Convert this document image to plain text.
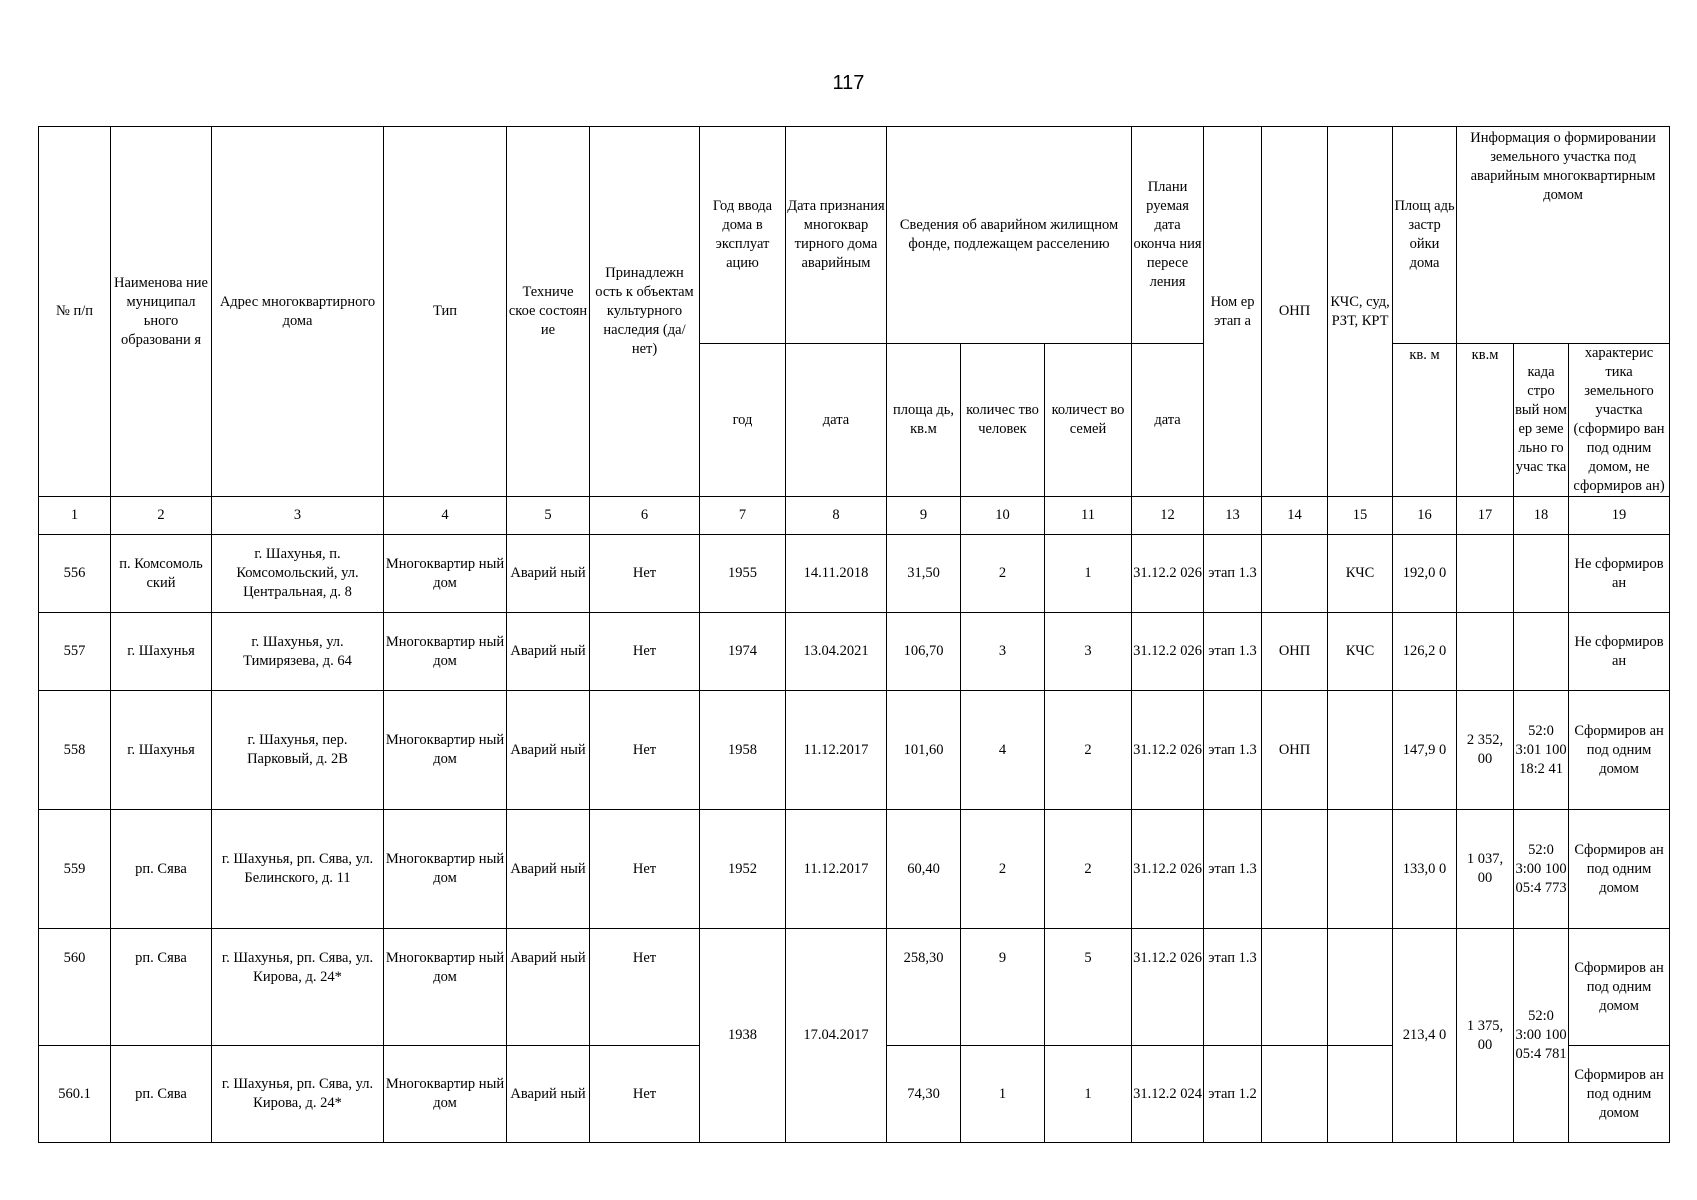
117
№ п/п	Наименова ние муниципал ьного образовани я	Адрес многоквартирного дома	Тип	Техниче ское состоян ие	Принадлежн ость к объектам культурного наследия (да/нет)	Год ввода дома в эксплуат ацию	Дата признания многоквар тирного дома аварийным	Сведения об аварийном жилищном фонде, подлежащем расселению			Плани руемая дата оконча ния пересе ления	Ном ер этап а	ОНП	КЧС, суд, РЗТ, КРТ	Площ адь застр ойки дома	Информация о формировании земельного участка под аварийным многоквартирным домом		
						год	дата	площа дь, кв.м	количес тво человек	количест во семей	дата				кв. м	кв.м	када стро вый ном ер земе льно го учас тка	характерис тика земельного участка (сформиро ван под одним домом, не сформиров ан)
1	2	3	4	5	6	7	8	9	10	11	12	13	14	15	16	17	18	19
556	п. Комсомоль ский	г. Шахунья, п. Комсомольский, ул. Центральная, д. 8	Многоквартир ный дом	Аварий ный	Нет	1955	14.11.2018	31,50	2	1	31.12.2 026	этап 1.3		КЧС	192,0 0			Не сформиров ан
557	г. Шахунья	г. Шахунья, ул. Тимирязева, д. 64	Многоквартир ный дом	Аварий ный	Нет	1974	13.04.2021	106,70	3	3	31.12.2 026	этап 1.3	ОНП	КЧС	126,2 0			Не сформиров ан
558	г. Шахунья	г. Шахунья, пер. Парковый, д. 2В	Многоквартир ный дом	Аварий ный	Нет	1958	11.12.2017	101,60	4	2	31.12.2 026	этап 1.3	ОНП		147,9 0	2 352, 00	52:0 3:01 100 18:2 41	Сформиров ан под одним домом
559	рп. Сява	г. Шахунья, рп. Сява, ул. Белинского, д. 11	Многоквартир ный дом	Аварий ный	Нет	1952	11.12.2017	60,40	2	2	31.12.2 026	этап 1.3			133,0 0	1 037, 00	52:0 3:00 100 05:4 773	Сформиров ан под одним домом
560	рп. Сява	г. Шахунья, рп. Сява, ул. Кирова, д. 24*	Многоквартир ный дом	Аварий ный	Нет	1938	17.04.2017	258,30	9	5	31.12.2 026	этап 1.3			213,4 0	1 375, 00	52:0 3:00 100 05:4 781	Сформиров ан под одним домом
560.1	рп. Сява	г. Шахунья, рп. Сява, ул. Кирова, д. 24*	Многоквартир ный дом	Аварий ный	Нет			74,30	1	1	31.12.2 024	этап 1.2						Сформиров ан под одним домом
